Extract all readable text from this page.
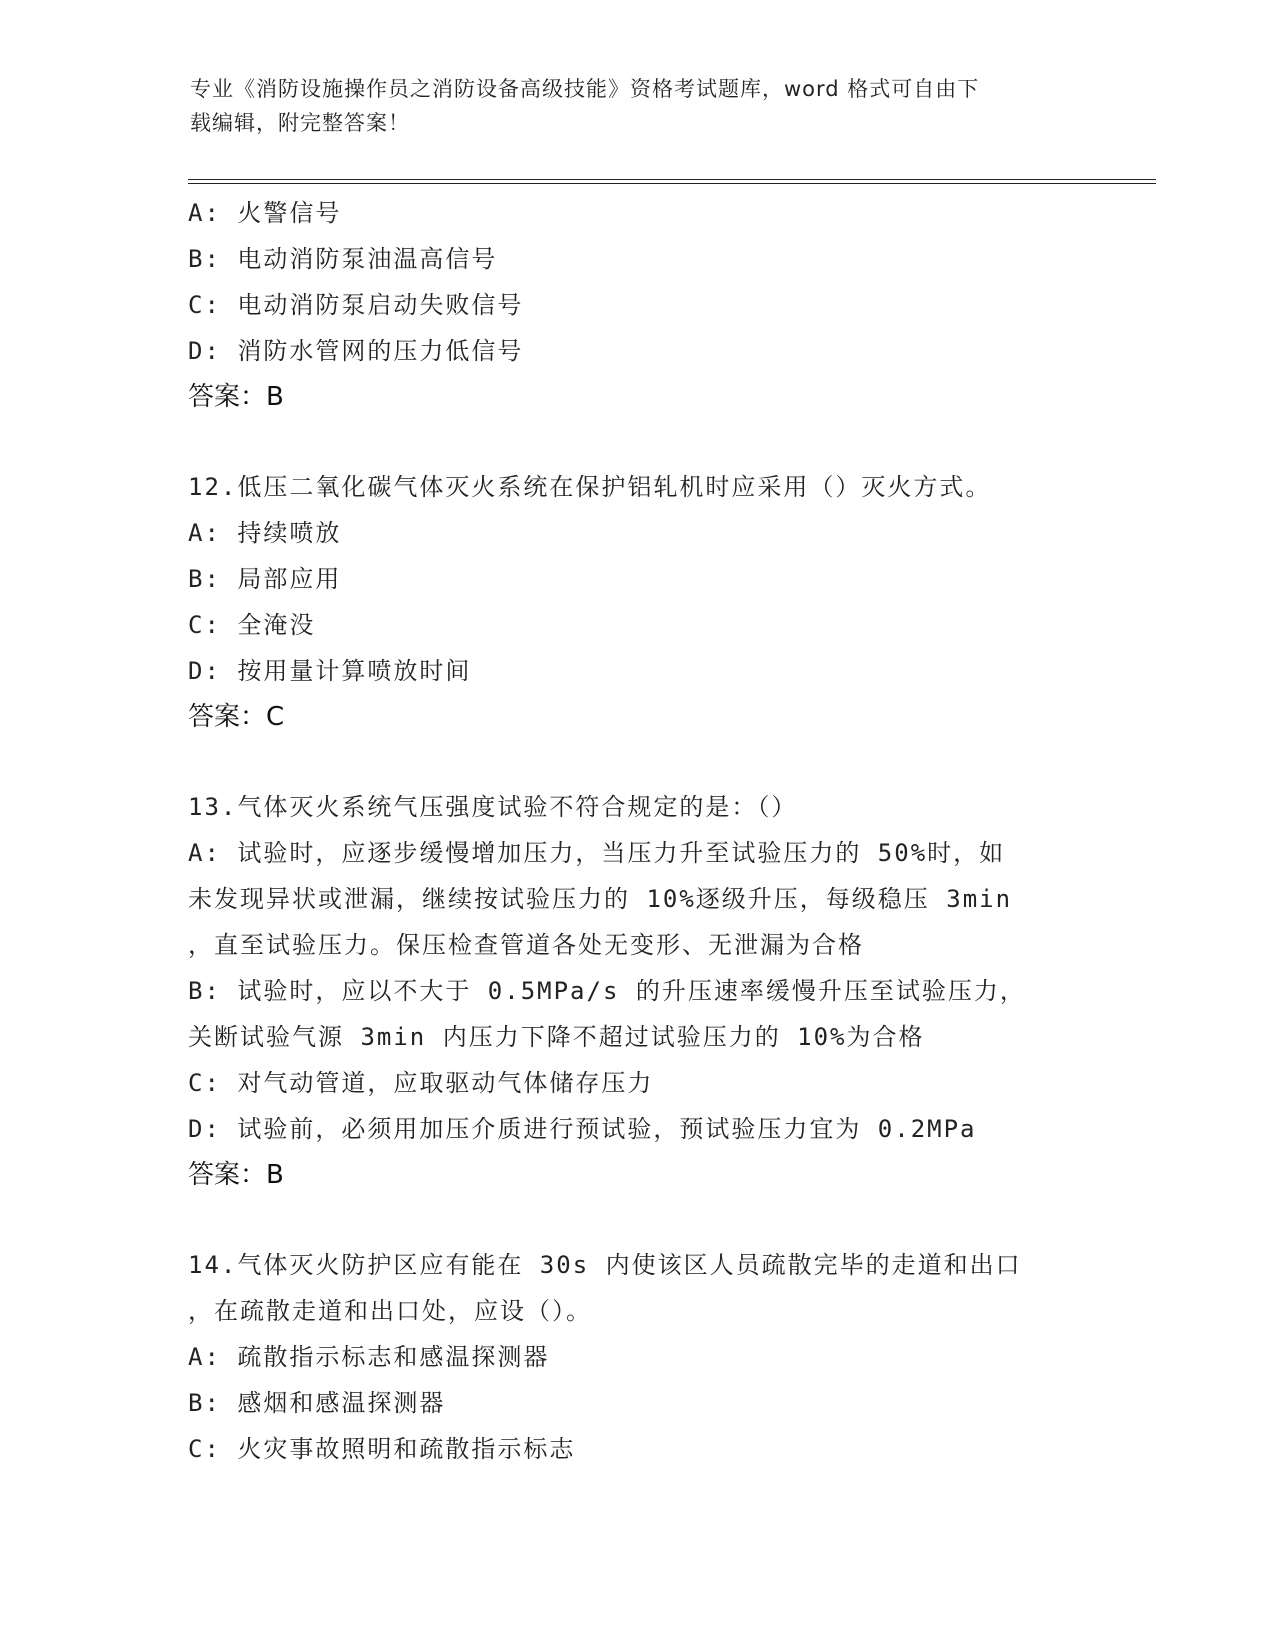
专业《消防设施操作员之消防设备高级技能》资格考试题库，word 格式可自由下
载编辑，附完整答案！
A: 火警信号
B: 电动消防泵油温高信号
C: 电动消防泵启动失败信号
D: 消防水管网的压力低信号
答案：B
12.低压二氧化碳气体灭火系统在保护铝轧机时应采用（）灭火方式。
A: 持续喷放
B: 局部应用
C: 全淹没
D: 按用量计算喷放时间
答案：C
13.气体灭火系统气压强度试验不符合规定的是：（）
A: 试验时，应逐步缓慢增加压力，当压力升至试验压力的 50%时，如
未发现异状或泄漏，继续按试验压力的 10%逐级升压，每级稳压 3min
，直至试验压力。保压检查管道各处无变形、无泄漏为合格
B: 试验时，应以不大于 0.5MPa/s 的升压速率缓慢升压至试验压力，
关断试验气源 3min 内压力下降不超过试验压力的 10%为合格
C: 对气动管道，应取驱动气体储存压力
D: 试验前，必须用加压介质进行预试验，预试验压力宜为 0.2MPa
答案：B
14.气体灭火防护区应有能在 30s 内使该区人员疏散完毕的走道和出口
，在疏散走道和出口处，应设（）。
A: 疏散指示标志和感温探测器
B: 感烟和感温探测器
C: 火灾事故照明和疏散指示标志
